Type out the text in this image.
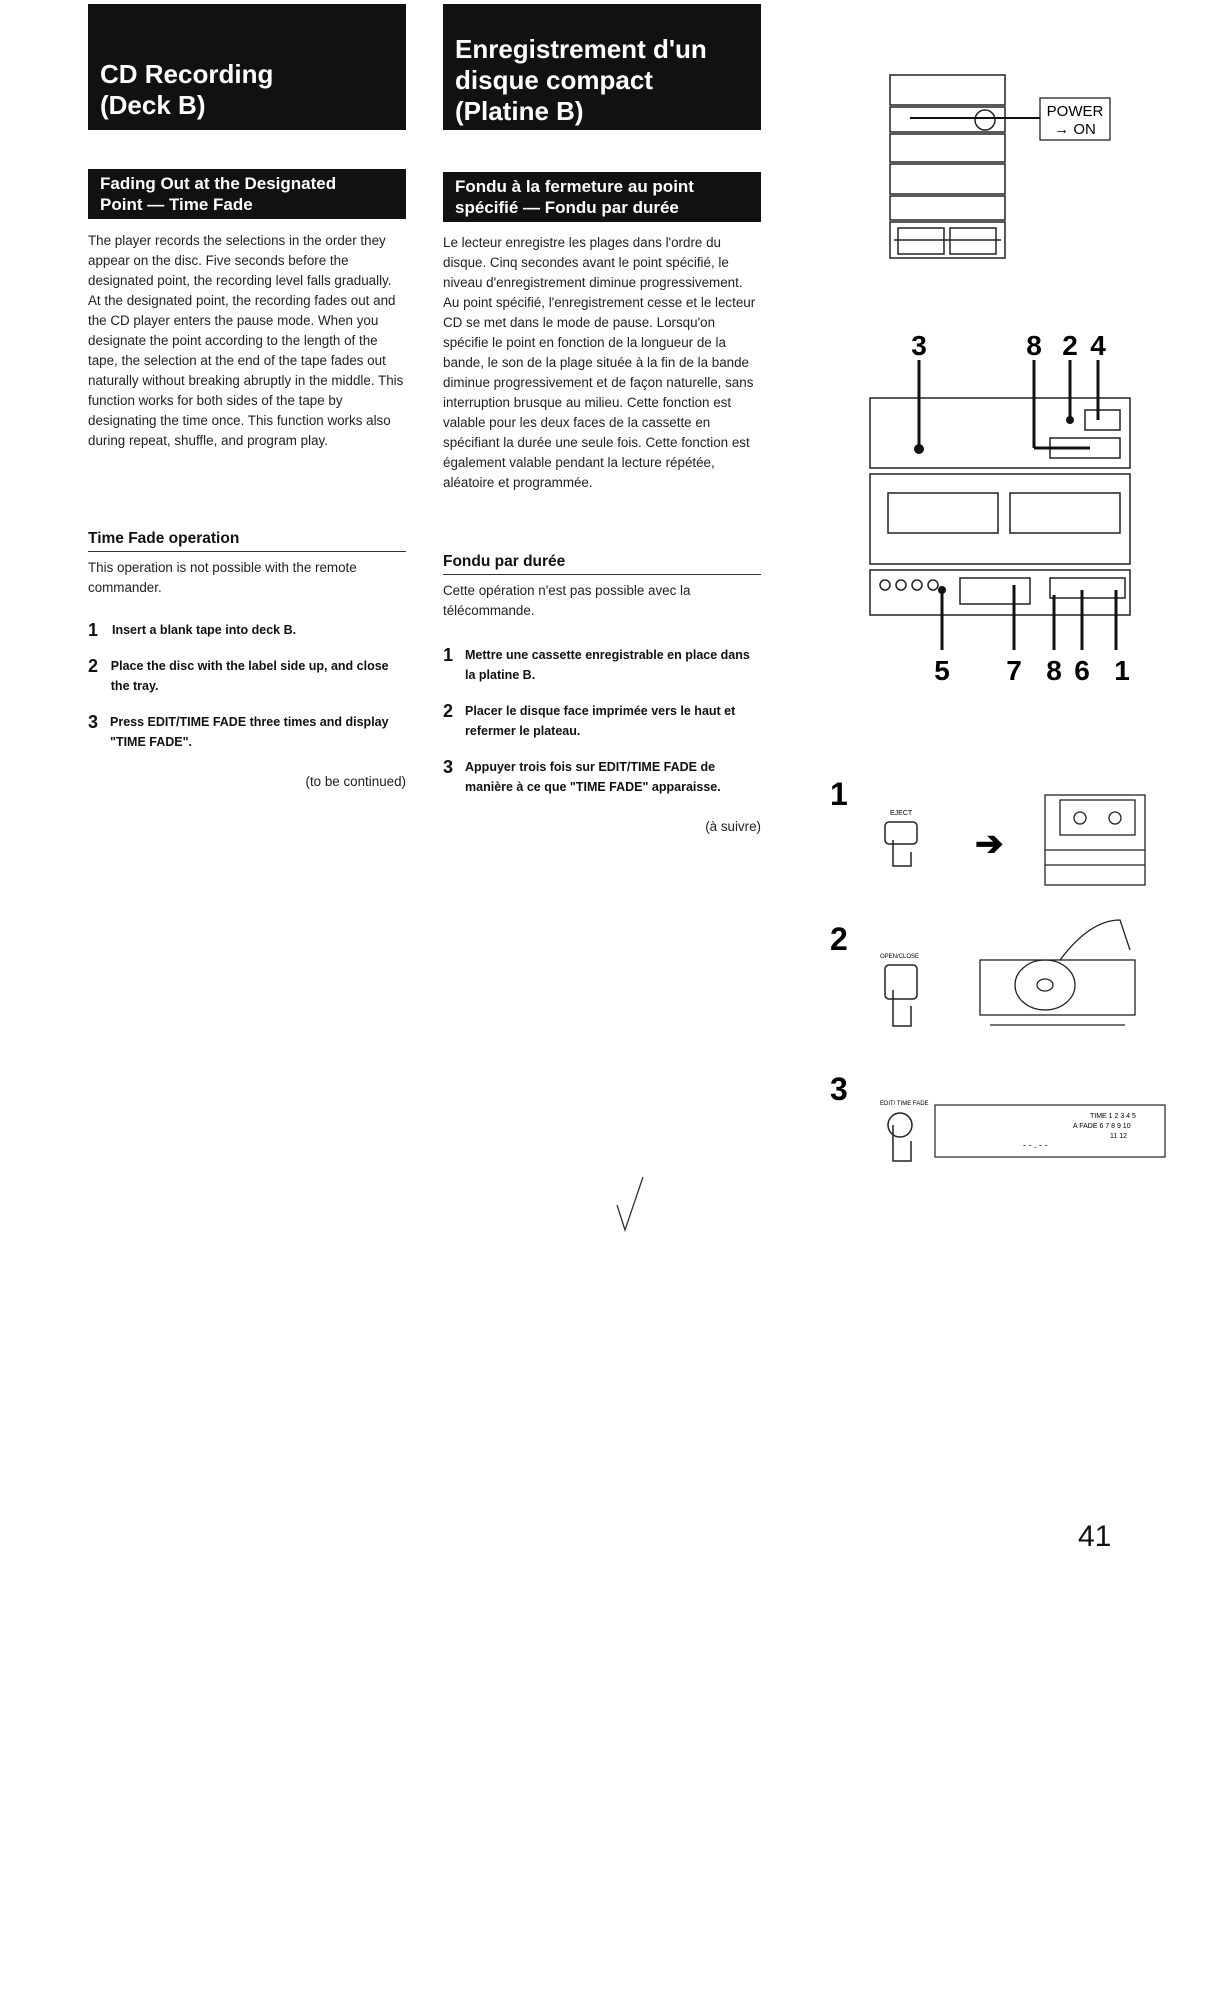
CD Recording
(Deck B)
Fading Out at the Designated
Point — Time Fade
The player records the selections in the order they appear on the disc. Five seconds before the designated point, the recording level falls gradually. At the designated point, the recording fades out and the CD player enters the pause mode. When you designate the point according to the length of the tape, the selection at the end of the tape fades out naturally without breaking abruptly in the middle. This function works for both sides of the tape by designating the time once. This function works also during repeat, shuffle, and program play.
Time Fade operation
This operation is not possible with the remote commander.
1 Insert a blank tape into deck B.
2 Place the disc with the label side up, and close the tray.
3 Press EDIT/TIME FADE three times and display "TIME FADE".
(to be continued)
Enregistrement d'un
disque compact
(Platine B)
Fondu à la fermeture au point
spécifié — Fondu par durée
Le lecteur enregistre les plages dans l'ordre du disque. Cinq secondes avant le point spécifié, le niveau d'enregistrement diminue progressivement. Au point spécifié, l'enregistrement cesse et le lecteur CD se met dans le mode de pause. Lorsqu'on spécifie le point en fonction de la longueur de la bande, le son de la plage située à la fin de la bande diminue progressivement et de façon naturelle, sans interruption brusque au milieu. Cette fonction est valable pour les deux faces de la cassette en spécifiant la durée une seule fois. Cette fonction est également valable pendant la lecture répétée, aléatoire et programmée.
Fondu par durée
Cette opération n'est pas possible avec la télécommande.
1 Mettre une cassette enregistrable en place dans la platine B.
2 Placer le disque face imprimée vers le haut et refermer le plateau.
3 Appuyer trois fois sur EDIT/TIME FADE de manière à ce que "TIME FADE" apparaisse.
(à suivre)
POWER
→ ON
3	8 2 4
5 7 8 6 1
1
2
3
EJECT
➔
OPEN/CLOSE
EDIT/ TIME FADE
TIME 1 2 3 4 5
A FADE 6 7 8 9 10
11 12
- - . - -
41
